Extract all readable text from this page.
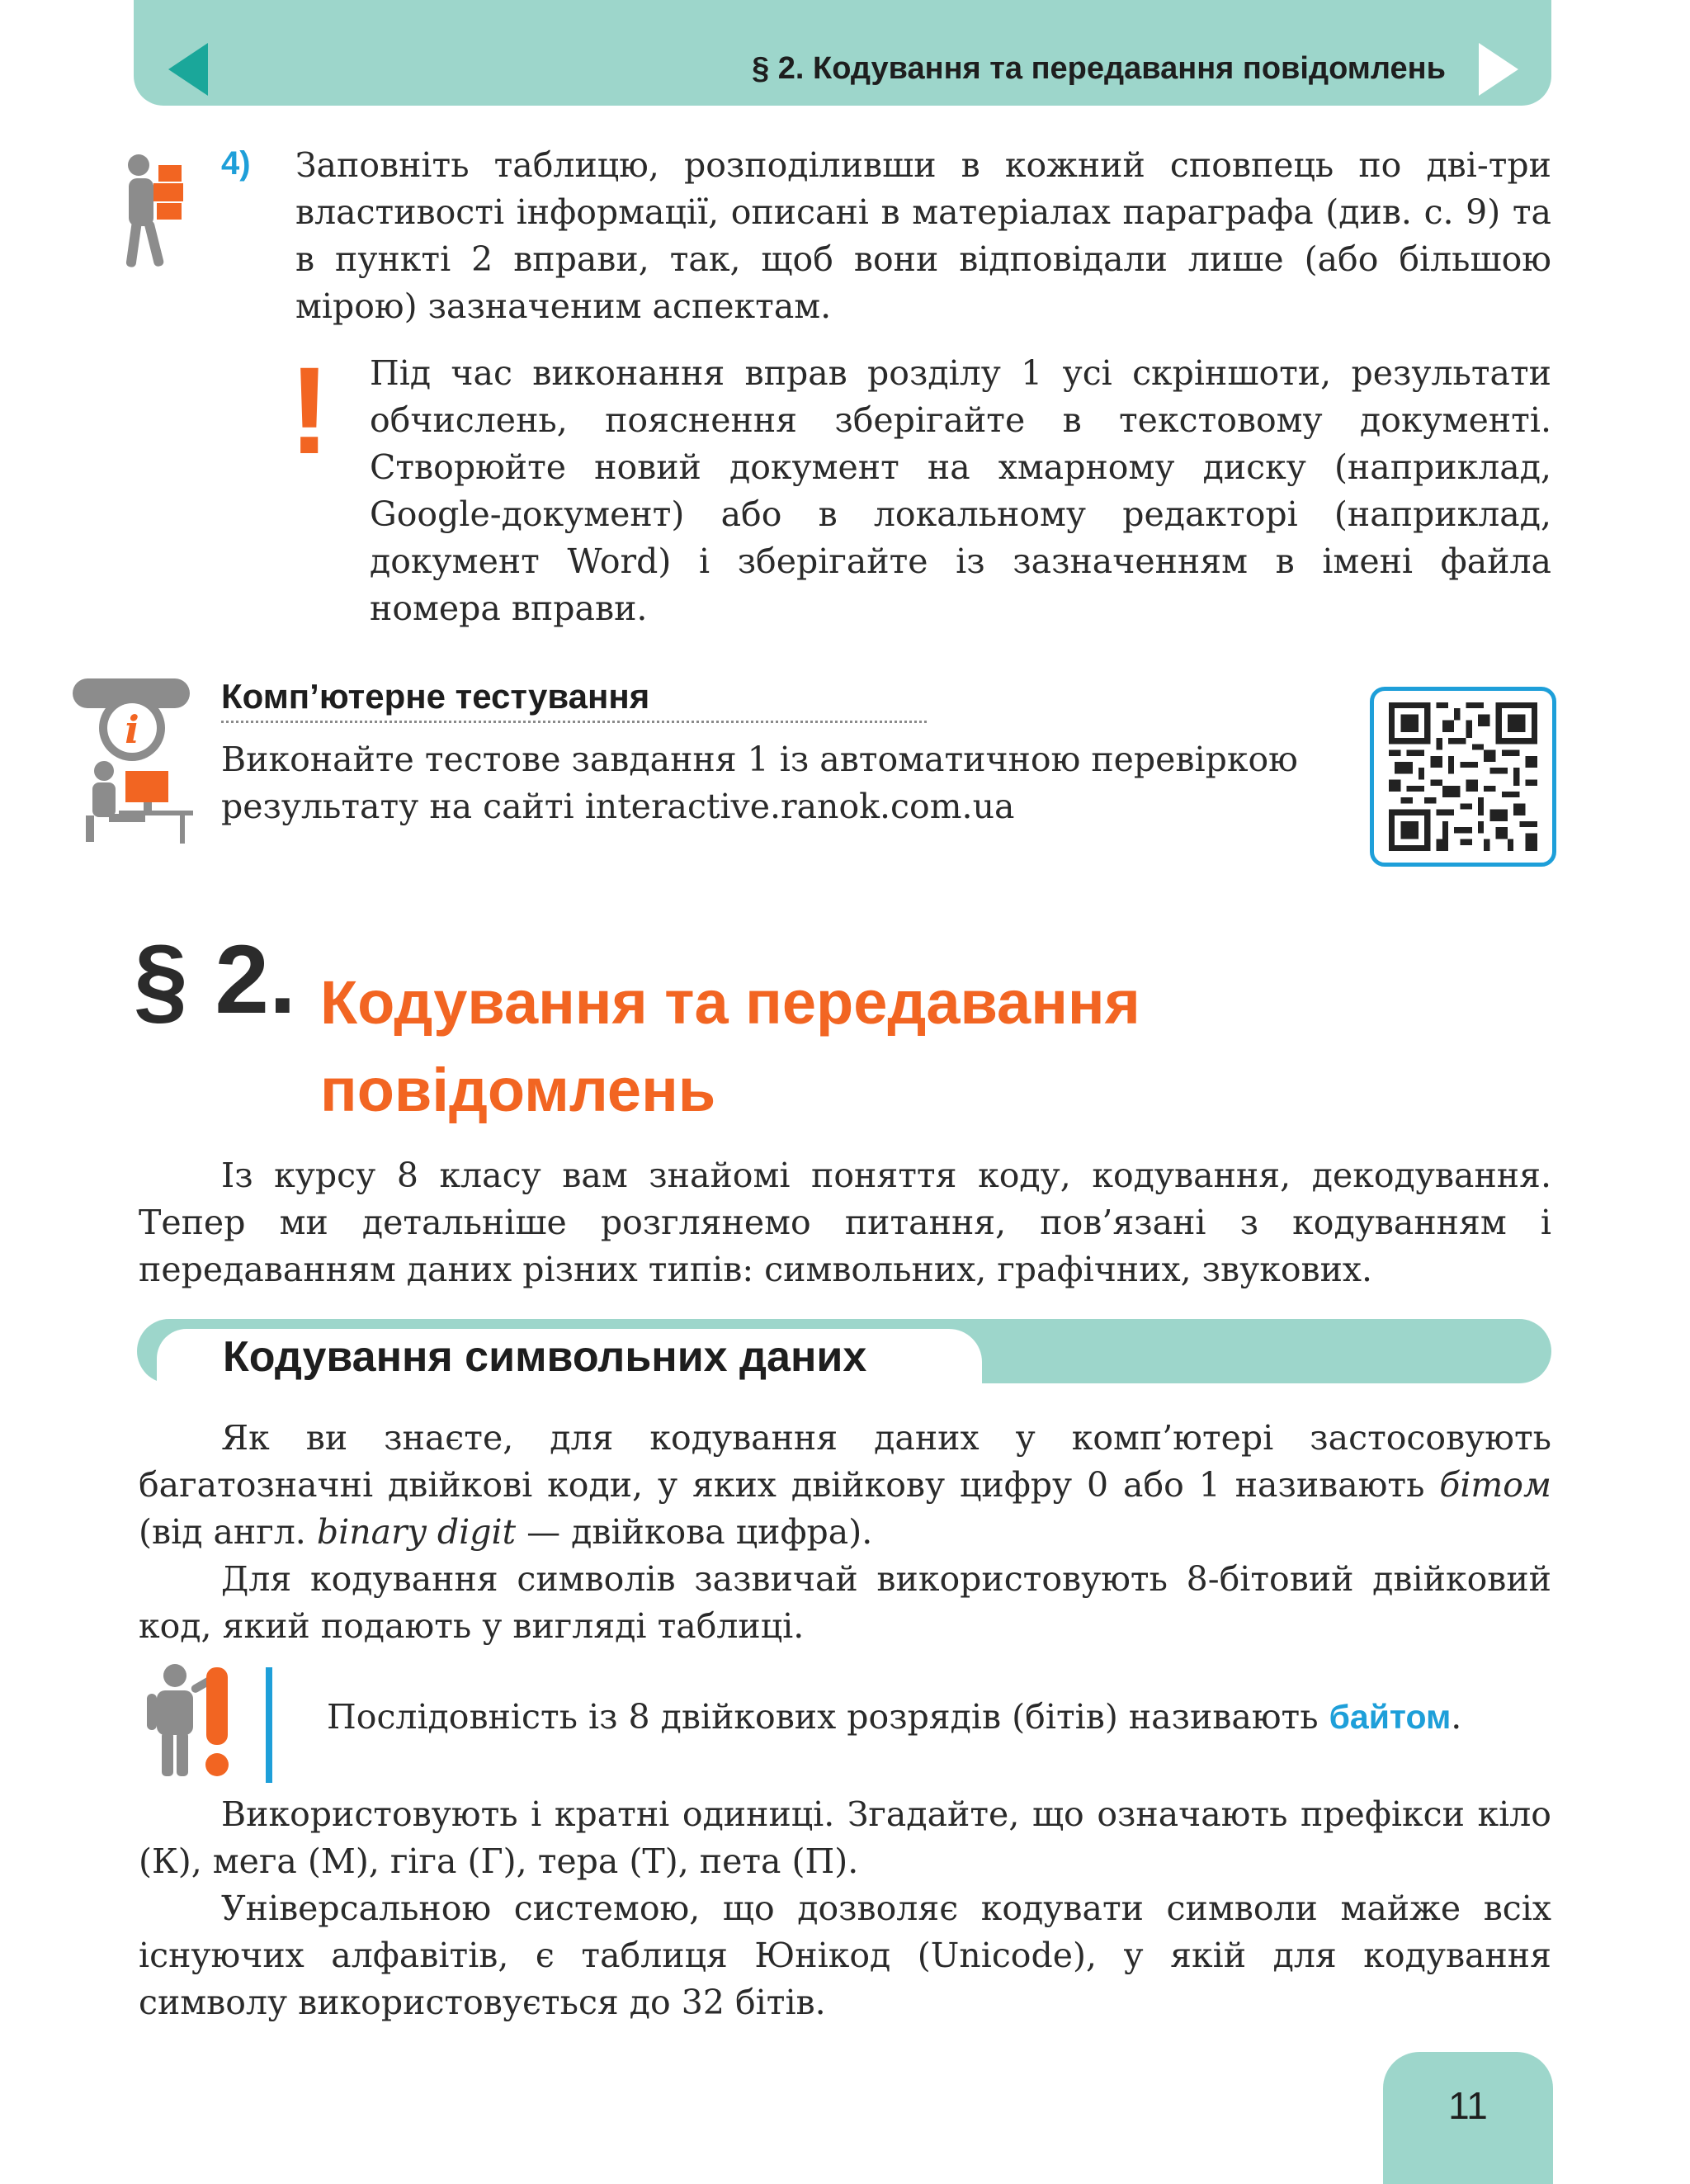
§ 2. Кодування та передавання повідомлень
4) Заповніть таблицю, розподіливши в кожний сповпець по дві-три властивості інформації, описані в матеріалах параграфа (див. с. 9) та в пункті 2 вправи, так, щоб вони відповідали лише (або більшою мірою) зазначеним аспектам.
! Під час виконання вправ розділу 1 усі скріншоти, результати обчислень, пояснення зберігайте в текстовому документі. Створюйте новий документ на хмарному диску (наприклад, Google-документ) або в локальному редакторі (наприклад, документ Word) і зберігайте із зазначенням в імені файла номера вправи.
i
Комп’ютерне тестування
Виконайте тестове завдання 1 із автоматичною перевіркою результату на сайті interactive.ranok.com.ua
§ 2. Кодування та передавання повідомлень
Із курсу 8 класу вам знайомі поняття коду, кодування, декодування. Тепер ми детальніше розглянемо питання, пов’язані з кодуванням і передаванням даних різних типів: символьних, графічних, звукових.
Кодування символьних даних

Як ви знаєте, для кодування даних у комп’ютері застосовують багатозначні двійкові коди, у яких двійкову цифру 0 або 1 називають бітом (від англ. binary digit — двійкова цифра).

Для кодування символів зазвичай використовують 8-бітовий двійковий код, який подають у вигляді таблиці.

Послідовність із 8 двійкових розрядів (бітів) називають байтом.

Використовують і кратні одиниці. Згадайте, що означають префікси кіло (К), мега (М), гіга (Г), тера (Т), пета (П).

Універсальною системою, що дозволяє кодувати символи майже всіх існуючих алфавітів, є таблиця Юнікод (Unicode), у якій для кодування символу використовується до 32 бітів.

11
